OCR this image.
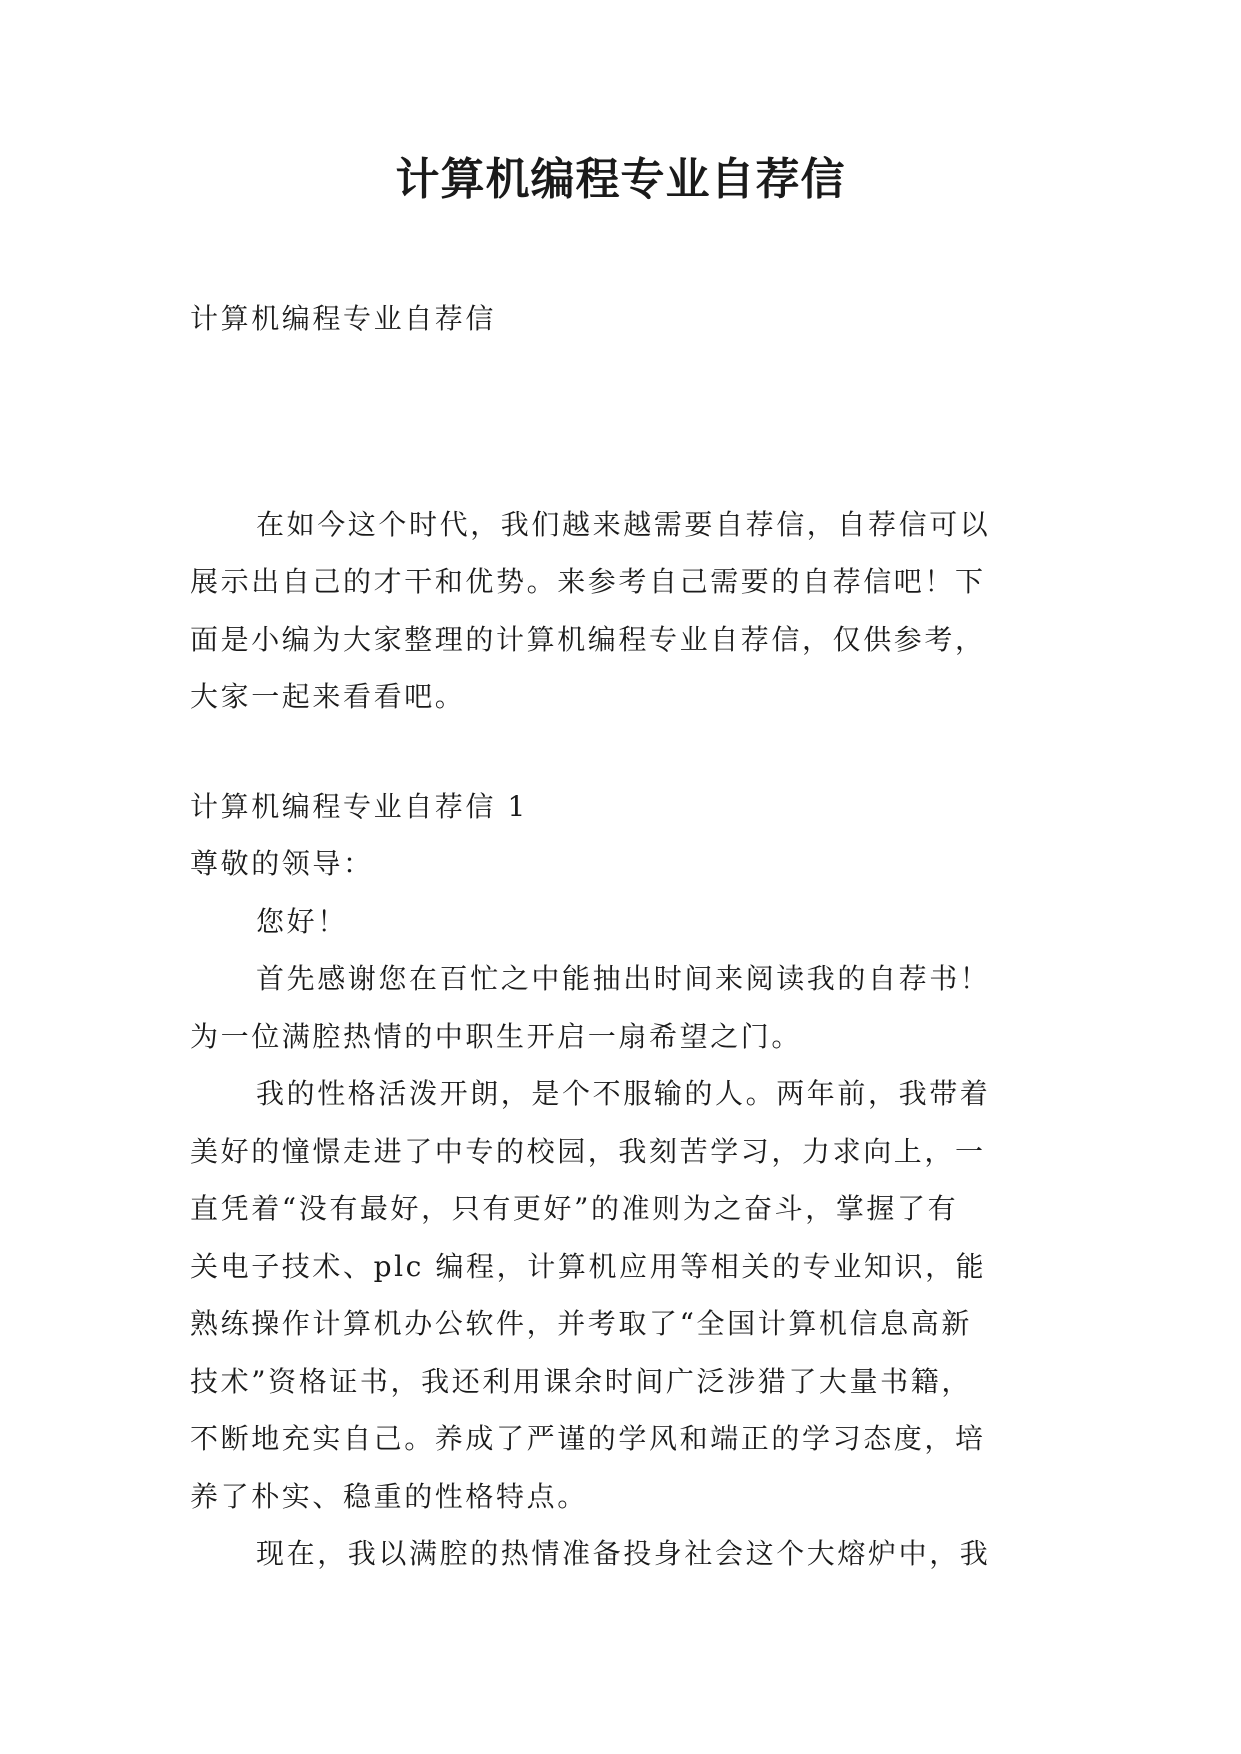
计算机编程专业自荐信

计算机编程专业自荐信

在如今这个时代，我们越来越需要自荐信，自荐信可以

展示出自己的才干和优势。来参考自己需要的自荐信吧！下

面是小编为大家整理的计算机编程专业自荐信，仅供参考，

大家一起来看看吧。

计算机编程专业自荐信 1

尊敬的领导：

您好！

首先感谢您在百忙之中能抽出时间来阅读我的自荐书！

为一位满腔热情的中职生开启一扇希望之门。

我的性格活泼开朗，是个不服输的人。两年前，我带着

美好的憧憬走进了中专的校园，我刻苦学习，力求向上，一

直凭着“没有最好，只有更好”的准则为之奋斗，掌握了有

关电子技术、plc 编程，计算机应用等相关的专业知识，能

熟练操作计算机办公软件，并考取了“全国计算机信息高新

技术”资格证书，我还利用课余时间广泛涉猎了大量书籍，

不断地充实自己。养成了严谨的学风和端正的学习态度，培

养了朴实、稳重的性格特点。

现在，我以满腔的热情准备投身社会这个大熔炉中，我
